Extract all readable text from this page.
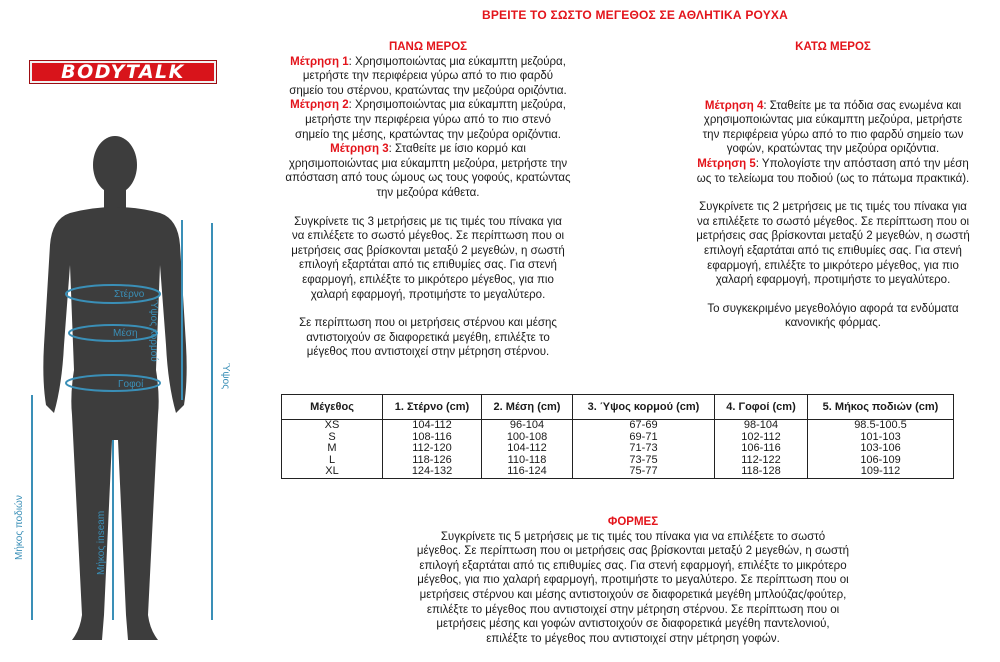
ΒΡΕΙΤΕ ΤΟ ΣΩΣΤΟ ΜΕΓΕΘΟΣ ΣΕ ΑΘΛΗΤΙΚΑ ΡΟΥΧΑ
BODYTALK
Στέρνο
Μέση
Γοφοί
Ύψος κορμού
Ύψος
Μήκος ποδιών	Μήκος inseam
ΠΑΝΩ ΜΕΡΟΣ
Μέτρηση 1: Χρησιμοποιώντας μια εύκαμπτη μεζούρα,
μετρήστε την περιφέρεια γύρω από το πιο φαρδύ
σημείο του στέρνου, κρατώντας την μεζούρα οριζόντια.
Μέτρηση 2: Χρησιμοποιώντας μια εύκαμπτη μεζούρα,
μετρήστε την περιφέρεια γύρω από το πιο στενό
σημείο της μέσης, κρατώντας την μεζούρα οριζόντια.
Μέτρηση 3: Σταθείτε με ίσιο κορμό και
χρησιμοποιώντας μια εύκαμπτη μεζούρα, μετρήστε την
απόσταση από τους ώμους ως τους γοφούς, κρατώντας
την μεζούρα κάθετα.
Συγκρίνετε τις 3 μετρήσεις με τις τιμές του πίνακα για
να επιλέξετε το σωστό μέγεθος. Σε περίπτωση που οι
μετρήσεις σας βρίσκονται μεταξύ 2 μεγεθών, η σωστή
επιλογή εξαρτάται από τις επιθυμίες σας. Για στενή
εφαρμογή, επιλέξτε το μικρότερο μέγεθος, για πιο
χαλαρή εφαρμογή, προτιμήστε το μεγαλύτερο.
Σε περίπτωση που οι μετρήσεις στέρνου και μέσης
αντιστοιχούν σε διαφορετικά μεγέθη, επιλέξτε το
μέγεθος που αντιστοιχεί στην μέτρηση στέρνου.
ΚΑΤΩ ΜΕΡΟΣ
Μέτρηση 4: Σταθείτε με τα πόδια σας ενωμένα και
χρησιμοποιώντας μια εύκαμπτη μεζούρα, μετρήστε
την περιφέρεια γύρω από το πιο φαρδύ σημείο των
γοφών, κρατώντας την μεζούρα οριζόντια.
Μέτρηση 5: Υπολογίστε την απόσταση από την μέση
ως το τελείωμα του ποδιού (ως το πάτωμα πρακτικά).
Συγκρίνετε τις 2 μετρήσεις με τις τιμές του πίνακα για
να επιλέξετε το σωστό μέγεθος. Σε περίπτωση που οι
μετρήσεις σας βρίσκονται μεταξύ 2 μεγεθών, η σωστή
επιλογή εξαρτάται από τις επιθυμίες σας. Για στενή
εφαρμογή, επιλέξτε το μικρότερο μέγεθος, για πιο
χαλαρή εφαρμογή, προτιμήστε το μεγαλύτερο.
Το συγκεκριμένο μεγεθολόγιο αφορά τα ενδύματα
κανονικής φόρμας.
Μέγεθος	1. Στέρνο (cm)	2. Μέση (cm)	3. Ύψος κορμού (cm)	4. Γοφοί (cm)	5. Μήκος ποδιών (cm)
XS	104-112	96-104	67-69	98-104	98.5-100.5
S	108-116	100-108	69-71	102-112	101-103
M	112-120	104-112	71-73	106-116	103-106
L	118-126	110-118	73-75	112-122	106-109
XL	124-132	116-124	75-77	118-128	109-112
ΦΟΡΜΕΣ
Συγκρίνετε τις 5 μετρήσεις με τις τιμές του πίνακα για να επιλέξετε το σωστό
μέγεθος. Σε περίπτωση που οι μετρήσεις σας βρίσκονται μεταξύ 2 μεγεθών, η σωστή
επιλογή εξαρτάται από τις επιθυμίες σας. Για στενή εφαρμογή, επιλέξτε το μικρότερο
μέγεθος, για πιο χαλαρή εφαρμογή, προτιμήστε το μεγαλύτερο. Σε περίπτωση που οι
μετρήσεις στέρνου και μέσης αντιστοιχούν σε διαφορετικά μεγέθη μπλούζας/φούτερ,
επιλέξτε το μέγεθος που αντιστοιχεί στην μέτρηση στέρνου. Σε περίπτωση που οι
μετρήσεις μέσης και γοφών αντιστοιχούν σε διαφορετικά μεγέθη παντελονιού,
επιλέξτε το μέγεθος που αντιστοιχεί στην μέτρηση γοφών.
